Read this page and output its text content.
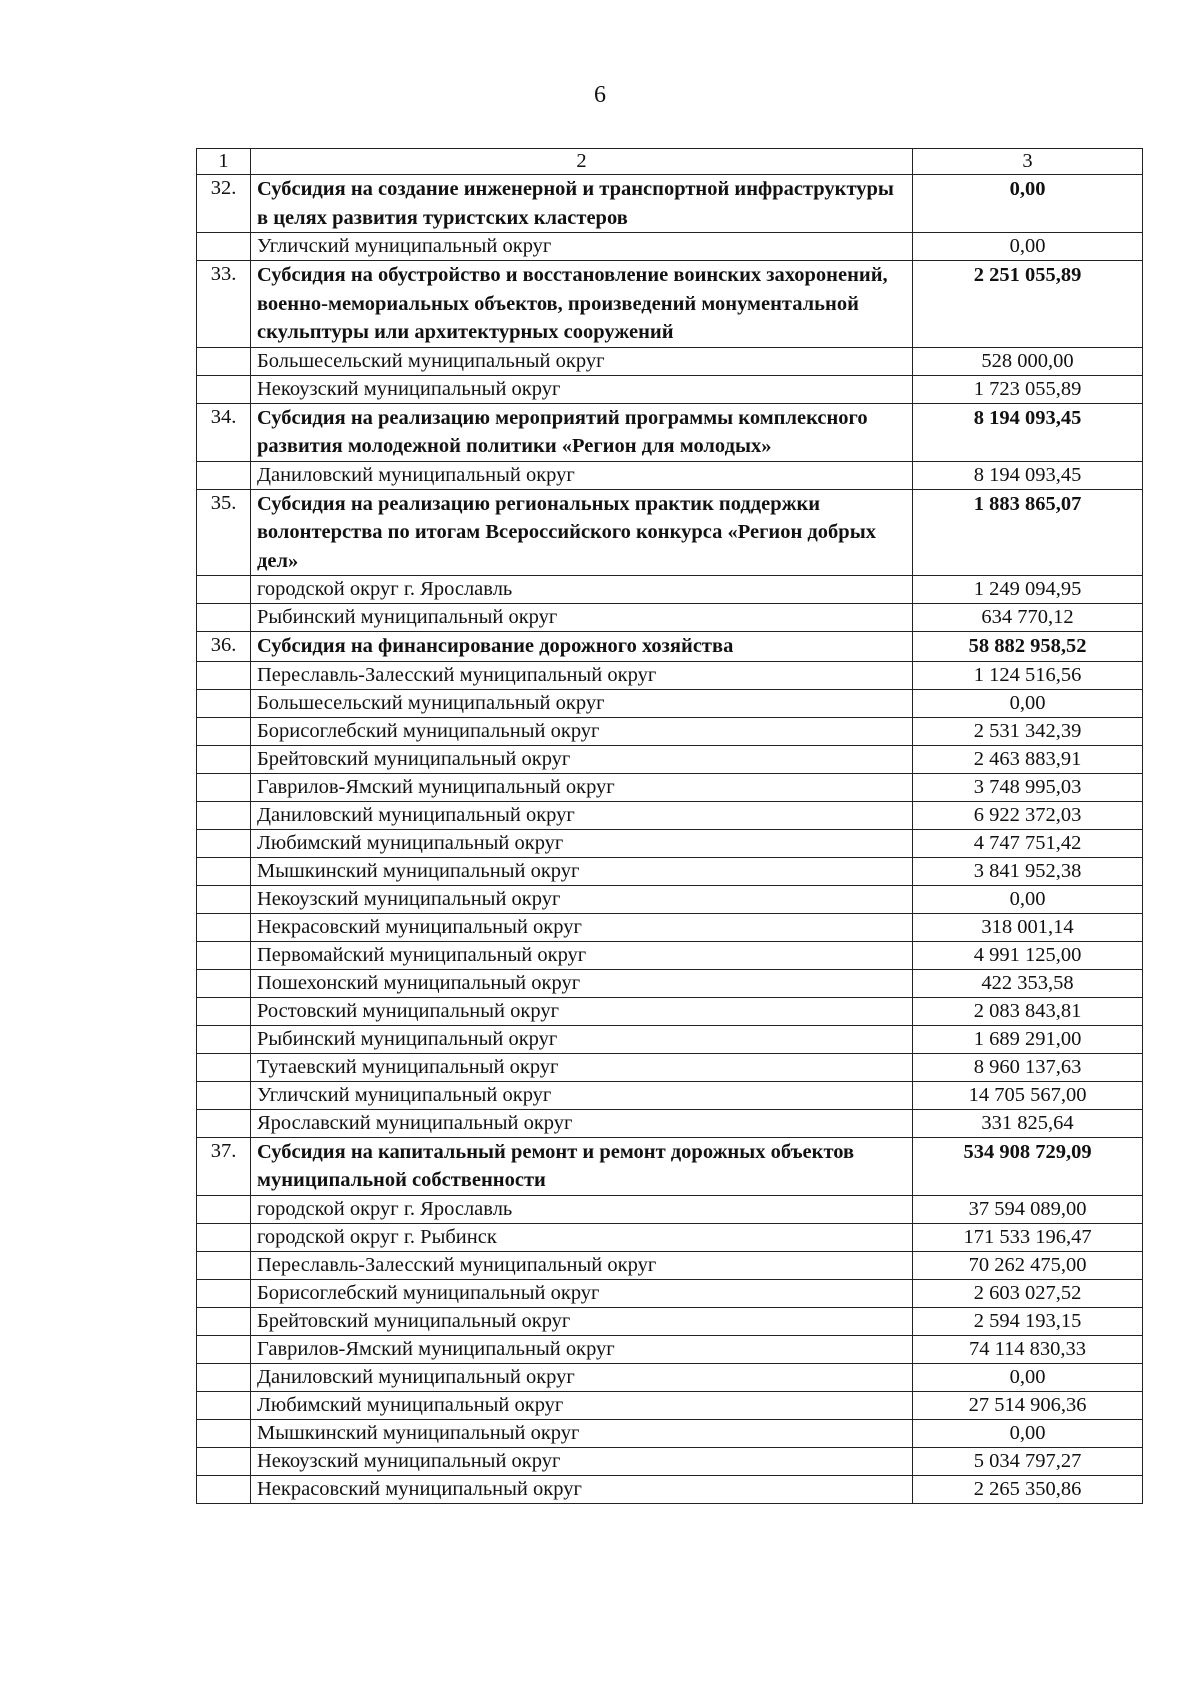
6
1	2	3
32.	Субсидия на создание инженерной и транспортной инфраструктуры в целях развития туристских кластеров	0,00
	Угличский муниципальный округ	0,00
33.	Субсидия на обустройство и восстановление воинских захоронений, военно-мемориальных объектов, произведений монументальной скульптуры или архитектурных сооружений	2 251 055,89
	Большесельский муниципальный округ	528 000,00
	Некоузский муниципальный округ	1 723 055,89
34.	Субсидия на реализацию мероприятий программы комплексного развития молодежной политики «Регион для молодых»	8 194 093,45
	Даниловский муниципальный округ	8 194 093,45
35.	Субсидия на реализацию региональных практик поддержки волонтерства по итогам Всероссийского конкурса «Регион добрых дел»	1 883 865,07
	городской округ г. Ярославль	1 249 094,95
	Рыбинский муниципальный округ	634 770,12
36.	Субсидия на финансирование дорожного хозяйства	58 882 958,52
	Переславль-Залесский муниципальный округ	1 124 516,56
	Большесельский муниципальный округ	0,00
	Борисоглебский муниципальный округ	2 531 342,39
	Брейтовский муниципальный округ	2 463 883,91
	Гаврилов-Ямский муниципальный округ	3 748 995,03
	Даниловский муниципальный округ	6 922 372,03
	Любимский муниципальный округ	4 747 751,42
	Мышкинский муниципальный округ	3 841 952,38
	Некоузский муниципальный округ	0,00
	Некрасовский муниципальный округ	318 001,14
	Первомайский муниципальный округ	4 991 125,00
	Пошехонский муниципальный округ	422 353,58
	Ростовский муниципальный округ	2 083 843,81
	Рыбинский муниципальный округ	1 689 291,00
	Тутаевский муниципальный округ	8 960 137,63
	Угличский муниципальный округ	14 705 567,00
	Ярославский муниципальный округ	331 825,64
37.	Субсидия на капитальный ремонт и ремонт дорожных объектов муниципальной собственности	534 908 729,09
	городской округ г. Ярославль	37 594 089,00
	городской округ г. Рыбинск	171 533 196,47
	Переславль-Залесский муниципальный округ	70 262 475,00
	Борисоглебский муниципальный округ	2 603 027,52
	Брейтовский муниципальный округ	2 594 193,15
	Гаврилов-Ямский муниципальный округ	74 114 830,33
	Даниловский муниципальный округ	0,00
	Любимский муниципальный округ	27 514 906,36
	Мышкинский муниципальный округ	0,00
	Некоузский муниципальный округ	5 034 797,27
	Некрасовский муниципальный округ	2 265 350,86
